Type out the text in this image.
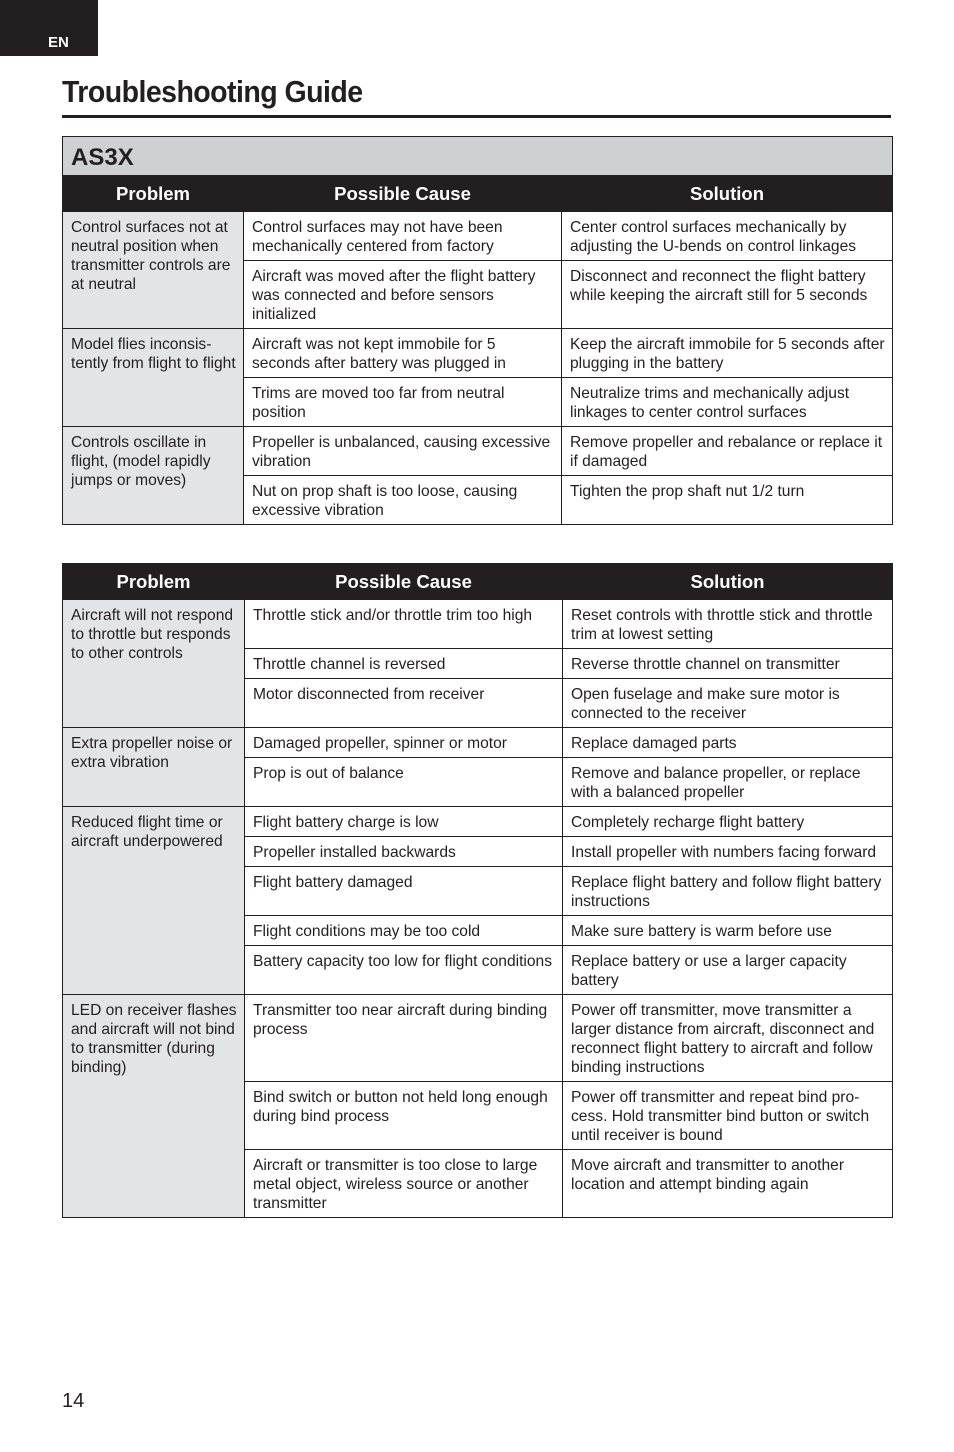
EN
Troubleshooting Guide
AS3X		
Problem	Possible Cause	Solution
Control surfaces not at neutral position when transmitter controls are at neutral	Control surfaces may not have been mechanically centered from factory	Center control surfaces mechanically by adjusting the U-bends on control linkages
	Aircraft was moved after the flight battery was connected and before sensors initialized	Disconnect and reconnect the flight battery while keeping the aircraft still for 5 seconds
Model flies inconsis-tently from flight to flight	Aircraft was not kept immobile for 5 seconds after battery was plugged in	Keep the aircraft immobile for 5 seconds after plugging in the battery
	Trims are moved too far from neutral position	Neutralize trims and mechanically adjust linkages to center control surfaces
Controls oscillate in flight, (model rapidly jumps or moves)	Propeller is unbalanced, causing excessive vibration	Remove propeller and rebalance or replace it if damaged
	Nut on prop shaft is too loose, causing excessive vibration	Tighten the prop shaft nut 1/2 turn
Problem	Possible Cause	Solution
Aircraft will not respond to throttle but responds to other controls	Throttle stick and/or throttle trim too high	Reset controls with throttle stick and throttle trim at lowest setting
	Throttle channel is reversed	Reverse throttle channel on transmitter
	Motor disconnected from receiver	Open fuselage and make sure motor is connected to the receiver
Extra propeller noise or extra vibration	Damaged propeller, spinner or motor	Replace damaged parts
	Prop is out of balance	Remove and balance propeller, or replace with a balanced propeller
Reduced flight time or aircraft underpowered	Flight battery charge is low	Completely recharge flight battery
	Propeller installed backwards	Install propeller with numbers facing forward
	Flight battery damaged	Replace flight battery and follow flight battery instructions
	Flight conditions may be too cold	Make sure battery is warm before use
	Battery capacity too low for flight conditions	Replace battery or use a larger capacity battery
LED on receiver flashes and aircraft will not bind to transmitter (during binding)	Transmitter too near aircraft during binding process	Power off transmitter, move transmitter a larger distance from aircraft, disconnect and reconnect flight battery to aircraft and follow binding instructions
	Bind switch or button not held long enough during bind process	Power off transmitter and repeat bind pro-cess. Hold transmitter bind button or switch until receiver is bound
	Aircraft or transmitter is too close to large metal object, wireless source or another transmitter	Move aircraft and transmitter to another location and attempt binding again
14
